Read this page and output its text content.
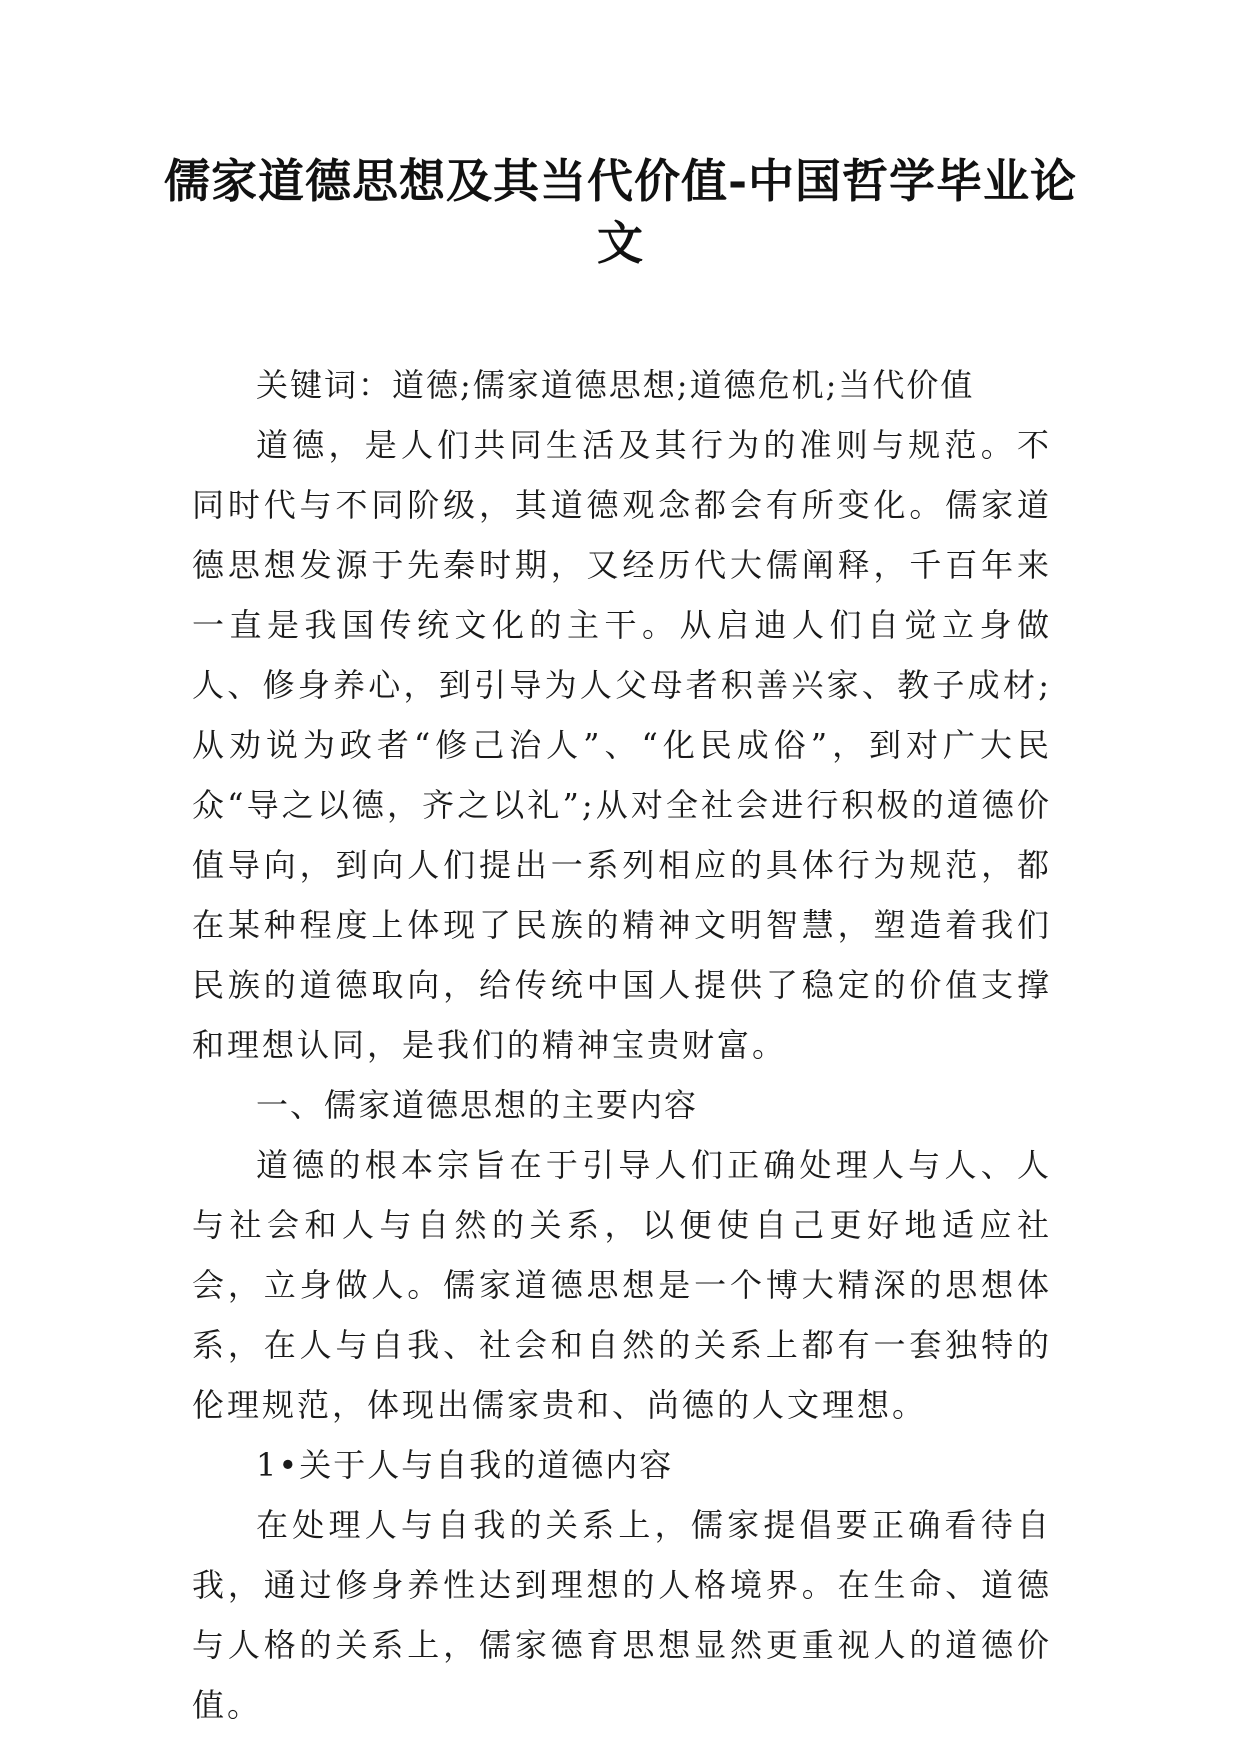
儒家道德思想及其当代价值-中国哲学毕业论文

关键词：道德;儒家道德思想;道德危机;当代价值

道德，是人们共同生活及其行为的准则与规范。不同时代与不同阶级，其道德观念都会有所变化。儒家道德思想发源于先秦时期，又经历代大儒阐释，千百年来一直是我国传统文化的主干。从启迪人们自觉立身做人、修身养心，到引导为人父母者积善兴家、教子成材;从劝说为政者“修己治人”、“化民成俗”，到对广大民众“导之以德，齐之以礼”;从对全社会进行积极的道德价值导向，到向人们提出一系列相应的具体行为规范，都在某种程度上体现了民族的精神文明智慧，塑造着我们民族的道德取向，给传统中国人提供了稳定的价值支撑和理想认同，是我们的精神宝贵财富。

一、儒家道德思想的主要内容

道德的根本宗旨在于引导人们正确处理人与人、人与社会和人与自然的关系，以便使自己更好地适应社会，立身做人。儒家道德思想是一个博大精深的思想体系，在人与自我、社会和自然的关系上都有一套独特的伦理规范，体现出儒家贵和、尚德的人文理想。

1•关于人与自我的道德内容

在处理人与自我的关系上，儒家提倡要正确看待自我，通过修身养性达到理想的人格境界。在生命、道德与人格的关系上，儒家德育思想显然更重视人的道德价值。
